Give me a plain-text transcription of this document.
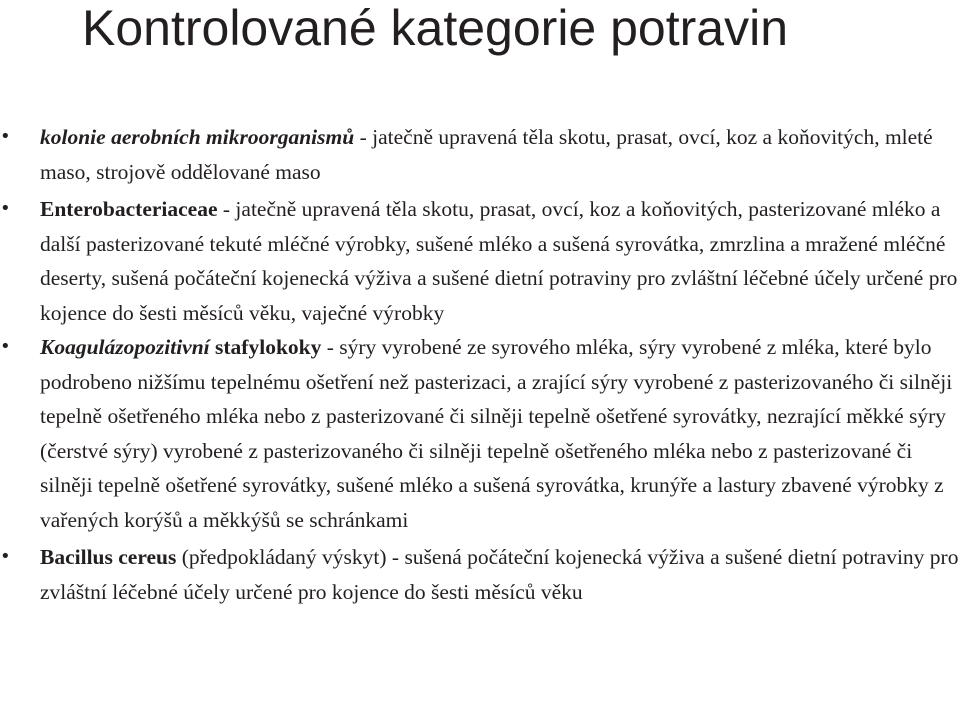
Kontrolované kategorie potravin
• kolonie aerobních mikroorganismů - jatečně upravená těla skotu, prasat, ovcí, koz a koňovitých, mleté maso, strojově oddělované maso
• Enterobacteriaceae - jatečně upravená těla skotu, prasat, ovcí, koz a koňovitých, pasterizované mléko a další pasterizované tekuté mléčné výrobky, sušené mléko a sušená syrovátka, zmrzlina a mražené mléčné deserty, sušená počáteční kojenecká výživa a sušené dietní potraviny pro zvláštní léčebné účely určené pro kojence do šesti měsíců věku, vaječné výrobky
• Koagulázopozitivní stafylokoky - sýry vyrobené ze syrového mléka, sýry vyrobené z mléka, které bylo podrobeno nižšímu tepelnému ošetření než pasterizaci, a zrající sýry vyrobené z pasterizovaného či silněji tepelně ošetřeného mléka nebo z pasterizované či silněji tepelně ošetřené syrovátky, nezrající měkké sýry (čerstvé sýry) vyrobené z pasterizovaného či silněji tepelně ošetřeného mléka nebo z pasterizované či silněji tepelně ošetřené syrovátky, sušené mléko a sušená syrovátka, krunýře a lastury zbavené výrobky z vařených korýšů a měkkýšů se schránkami
• Bacillus cereus (předpokládaný výskyt) - sušená počáteční kojenecká výživa a sušené dietní potraviny pro zvláštní léčebné účely určené pro kojence do šesti měsíců věku
